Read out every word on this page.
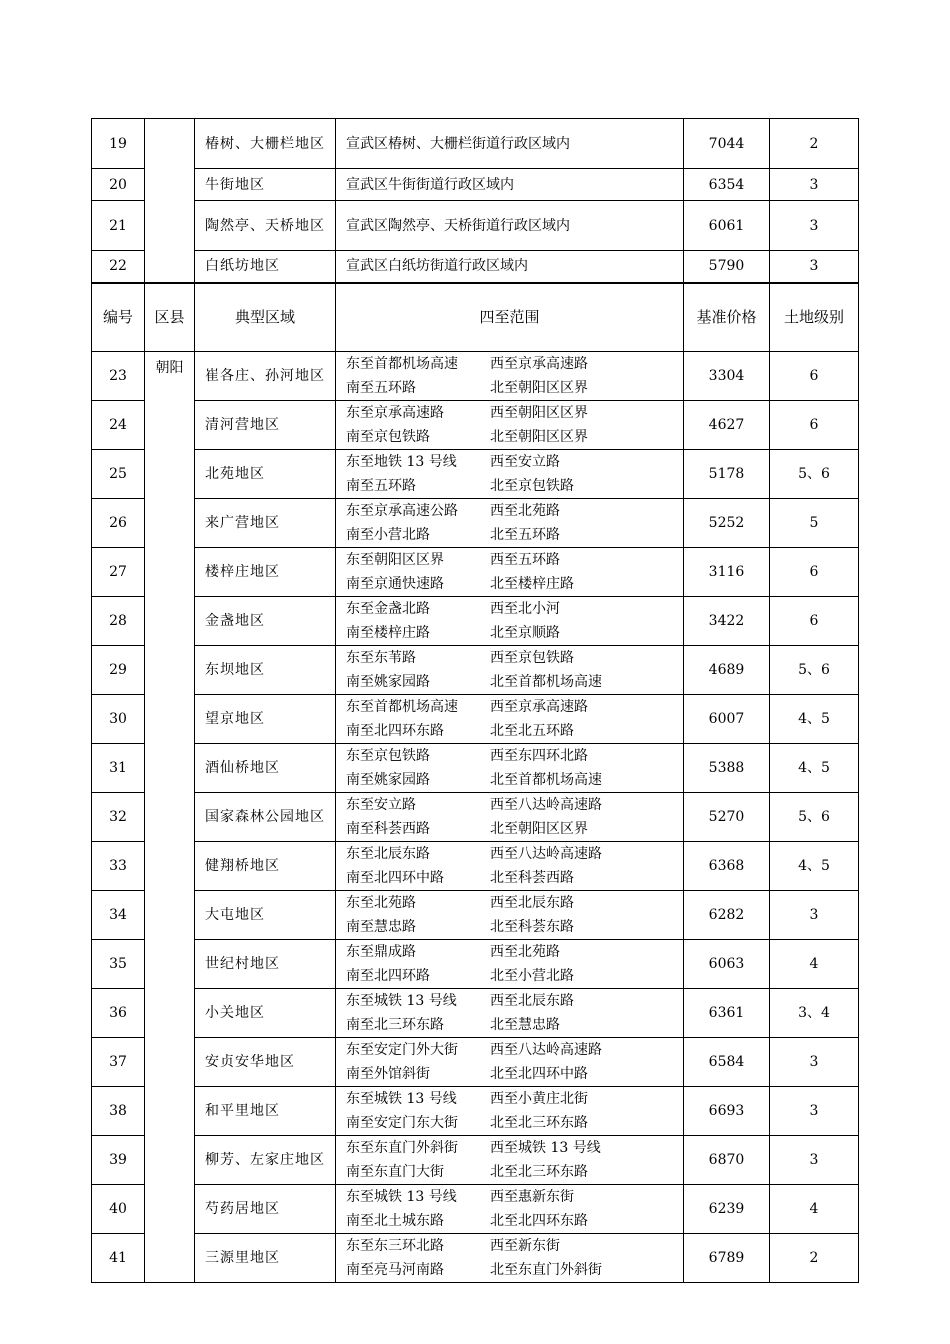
19		椿树、大栅栏地区	宣武区椿树、大栅栏街道行政区域内	7044	2
20		牛街地区	宣武区牛街街道行政区域内	6354	3
21		陶然亭、天桥地区	宣武区陶然亭、天桥街道行政区域内	6061	3
22		白纸坊地区	宣武区白纸坊街道行政区域内	5790	3
编号	区县	典型区域	四至范围	基准价格	土地级别
23	朝阳	崔各庄、孙河地区	东至首都机场高速 西至京承高速路
南至五环路 北至朝阳区区界	3304	6
24		清河营地区	东至京承高速路 西至朝阳区区界
南至京包铁路 北至朝阳区区界	4627	6
25		北苑地区	东至地铁 13 号线 西至安立路
南至五环路 北至京包铁路	5178	5、6
26		来广营地区	东至京承高速公路 西至北苑路
南至小营北路 北至五环路	5252	5
27		楼梓庄地区	东至朝阳区区界 西至五环路
南至京通快速路 北至楼梓庄路	3116	6
28		金盏地区	东至金盏北路 西至北小河
南至楼梓庄路 北至京顺路	3422	6
29		东坝地区	东至东苇路 西至京包铁路
南至姚家园路 北至首都机场高速	4689	5、6
30		望京地区	东至首都机场高速 西至京承高速路
南至北四环东路 北至北五环路	6007	4、5
31		酒仙桥地区	东至京包铁路 西至东四环北路
南至姚家园路 北至首都机场高速	5388	4、5
32		国家森林公园地区	东至安立路 西至八达岭高速路
南至科荟西路 北至朝阳区区界	5270	5、6
33		健翔桥地区	东至北辰东路 西至八达岭高速路
南至北四环中路 北至科荟西路	6368	4、5
34		大屯地区	东至北苑路 西至北辰东路
南至慧忠路 北至科荟东路	6282	3
35		世纪村地区	东至鼎成路 西至北苑路
南至北四环路 北至小营北路	6063	4
36		小关地区	东至城铁 13 号线 西至北辰东路
南至北三环东路 北至慧忠路	6361	3、4
37		安贞安华地区	东至安定门外大街 西至八达岭高速路
南至外馆斜街 北至北四环中路	6584	3
38		和平里地区	东至城铁 13 号线 西至小黄庄北街
南至安定门东大街 北至北三环东路	6693	3
39		柳芳、左家庄地区	东至东直门外斜街 西至城铁 13 号线
南至东直门大街 北至北三环东路	6870	3
40		芍药居地区	东至城铁 13 号线 西至惠新东街
南至北土城东路 北至北四环东路	6239	4
41		三源里地区	东至东三环北路 西至新东街
南至亮马河南路 北至东直门外斜街	6789	2
